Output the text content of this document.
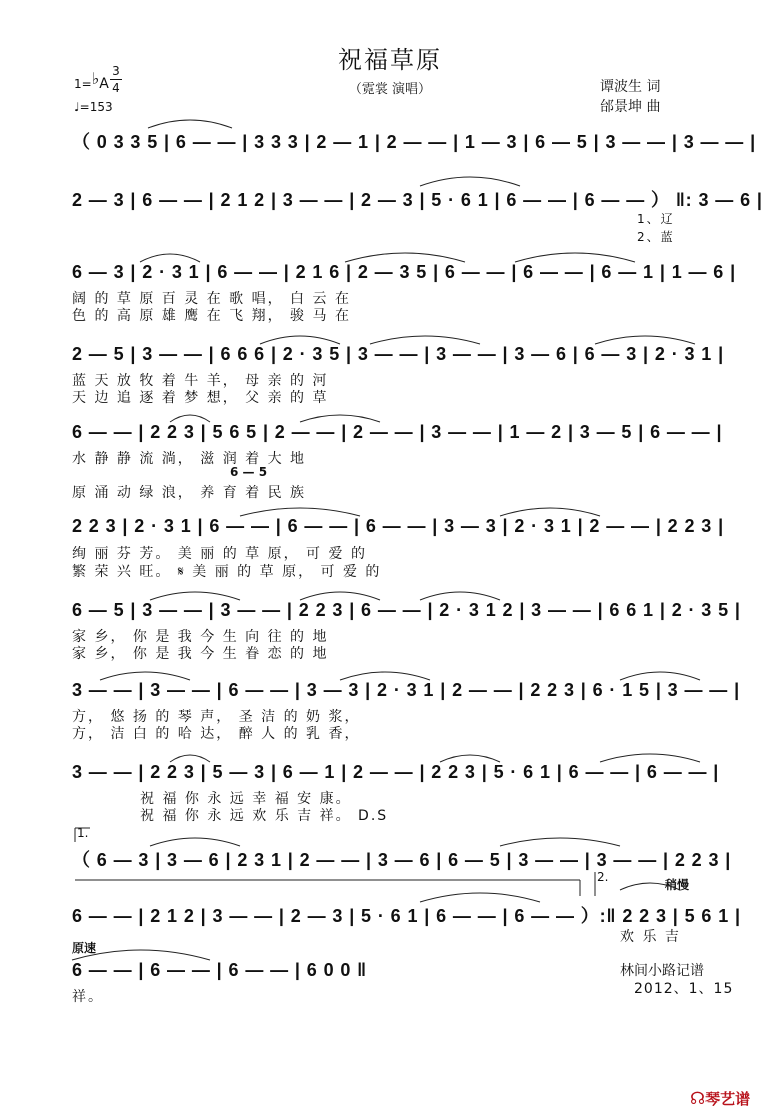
祝福草原
（霓裳 演唱）	谭波生 词
邰景坤 曲
1=♭A
3
4
♩=153
（ 0 3 3 5 | 6 — — | 3 3 3 | 2 — 1 | 2 — — | 1 — 3 | 6 — 5 | 3 — — | 3 — — |
2 — 3 | 6 — — | 2 1 2 | 3 — — | 2 — 3 | 5 · 6 1 | 6 — — | 6 — — ） ‖: 3 — 6 |
1、辽
2、蓝
6 — 3 | 2 · 3 1 | 6 — — | 2 1 6 | 2 — 3 5 | 6 — — | 6 — — | 6 — 1 | 1 — 6 |
阔 的 草 原 百 灵 在 歌 唱， 白 云 在
色 的 高 原 雄 鹰 在 飞 翔， 骏 马 在
2 — 5 | 3 — — | 6 6 6 | 2 · 3 5 | 3 — — | 3 — — | 3 — 6 | 6 — 3 | 2 · 3 1 |
蓝 天 放 牧 着 牛 羊， 母 亲 的 河
天 边 追 逐 着 梦 想， 父 亲 的 草
6 — — | 2 2 3 | 5 6 5 | 2 — — | 2 — — | 3 — — | 1 — 2 | 3 — 5 | 6 — — |
水 静 静 流 淌， 滋 润 着 大 地
6 — 5
原 涌 动 绿 浪， 养 育 着 民 族
2 2 3 | 2 · 3 1 | 6 — — | 6 — — | 6 — — | 3 — 3 | 2 · 3 1 | 2 — — | 2 2 3 |
绚 丽 芬 芳。 美 丽 的 草 原， 可 爱 的
繁 荣 兴 旺。 𝄋 美 丽 的 草 原， 可 爱 的
6 — 5 | 3 — — | 3 — — | 2 2 3 | 6 — — | 2 · 3 1 2 | 3 — — | 6 6 1 | 2 · 3 5 |
家 乡， 你 是 我 今 生 向 往 的 地
家 乡， 你 是 我 今 生 眷 恋 的 地
3 — — | 3 — — | 6 — — | 3 — 3 | 2 · 3 1 | 2 — — | 2 2 3 | 6 · 1 5 | 3 — — |
方， 悠 扬 的 琴 声， 圣 洁 的 奶 浆，
方， 洁 白 的 哈 达， 醉 人 的 乳 香，
3 — — | 2 2 3 | 5 — 3 | 6 — 1 | 2 — — | 2 2 3 | 5 · 6 1 | 6 — — | 6 — — |
祝 福 你 永 远 幸 福 安 康。
祝 福 你 永 远 欢 乐 吉 祥。 D.S
1.
（ 6 — 3 | 3 — 6 | 2 3 1 | 2 — — | 3 — 6 | 6 — 5 | 3 — — | 3 — — | 2 2 3 |
2.
稍慢
6 — — | 2 1 2 | 3 — — | 2 — 3 | 5 · 6 1 | 6 — — | 6 — — ）:‖ 2 2 3 | 5 6 1 |
欢 乐 吉
原速
6 — — | 6 — — | 6 — — | 6 0 0 ‖
祥。
林间小路记谱
2012、1、15
☊琴艺谱
